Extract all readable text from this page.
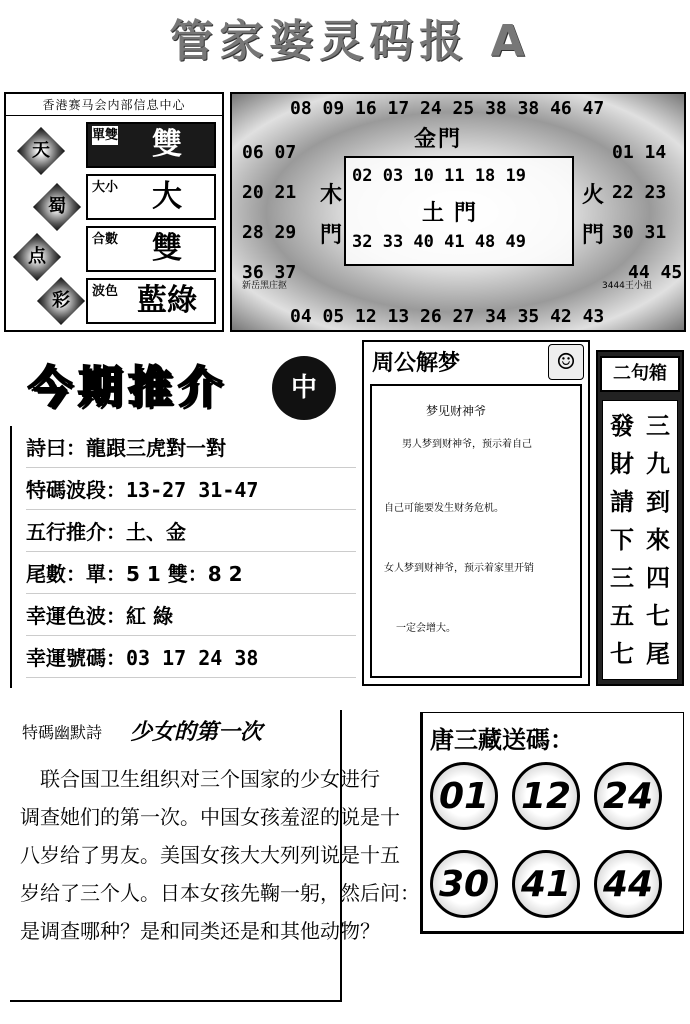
管家婆灵码报 A
香港赛马会内部信息中心
天
蜀
点
彩
單雙	雙
大小	大
合數	雙
波色 藍綠
08 09 16 17 24 25 38 38 46 47
金 門
06 07
20 21 木
28 29 門
36 37
新岳黑庄抠
01 14
火 22 23
門 30 31
44 45
3444王小祖
02 03 10 11 18 19
土 門
32 33 40 41 48 49
04 05 12 13 26 27 34 35 42 43
今期推介	中
詩曰：龍跟三虎對一對
特碼波段：13-27 31-47
五行推介：土、金
尾數：單：5 1 雙：8 2
幸運色波：紅 綠
幸運號碼：03 17 24 38
周公解梦	☺
梦见财神爷
男人梦到财神爷，预示着自己
自己可能要发生财务危机。
女人梦到财神爷，预示着家里开销
一定会增大。
二句箱
三九到來四七尾
發財請下三五七
特碼幽默詩	少女的第一次
　联合国卫生组织对三个国家的少女进行
调查她们的第一次。中国女孩羞涩的说是十
八岁给了男友。美国女孩大大列列说是十五
岁给了三个人。日本女孩先鞠一躬，然后问：
是调查哪种？是和同类还是和其他动物？
唐三藏送碼：
01 12 24
30 41 44
